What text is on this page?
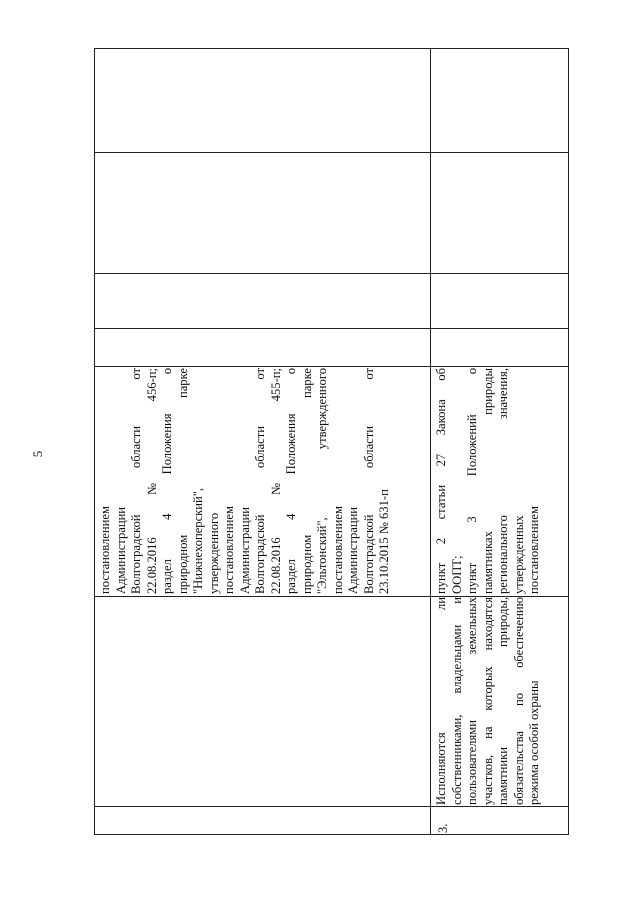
5
постановлением Администрации Волгоградской области от 22.08.2016 № 456-п; раздел 4 Положения о природном парке "Нижнехоперский", утвержденного постановлением Администрации Волгоградской области от 22.08.2016 № 455-п; раздел 4 Положения о природном парке "Эльтонский", утвержденного постановлением Администрации Волгоградской области от 23.10.2015 № 631-п
3.
Исполняются ли собственниками, владельцами и пользователями земельных участков, на которых находятся памятники природы, обязательства по обеспечению режима особой охраны
пункт 2 статьи 27 Закона об ООПТ; пункт 3 Положений о памятниках природы регионального значения, утвержденных постановлением
